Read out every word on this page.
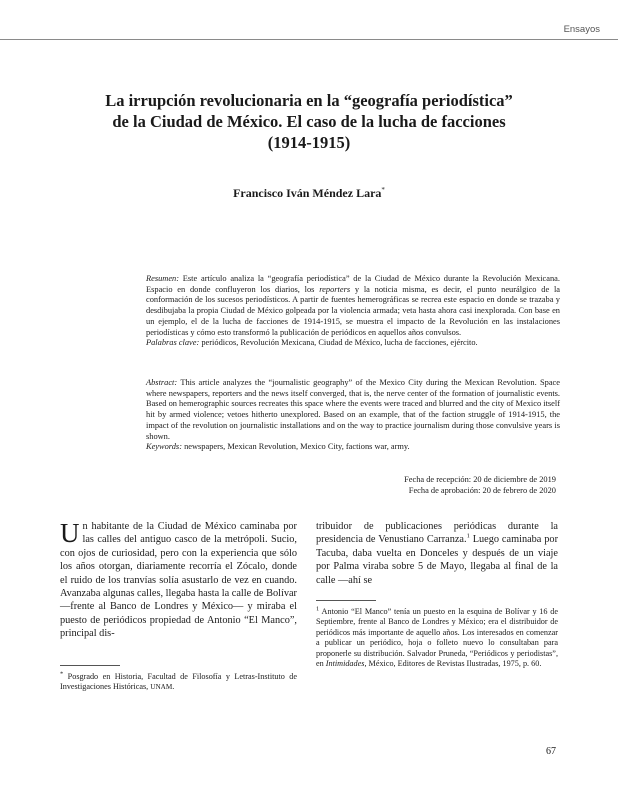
Ensayos
La irrupción revolucionaria en la “geografía periodística”
de la Ciudad de México. El caso de la lucha de facciones
(1914-1915)
Francisco Iván Méndez Lara*

Resumen: Este artículo analiza la “geografía periodística” de la Ciudad de México durante la Revolución Mexicana. Espacio en donde confluyeron los diarios, los reporters y la noticia misma, es decir, el punto neurálgico de la conformación de los sucesos periodísticos. A partir de fuentes hemerográficas se recrea este espacio en donde se trazaba y desdibujaba la propia Ciudad de México golpeada por la violencia armada; veta hasta ahora casi inexplorada. Con base en un ejemplo, el de la lucha de facciones de 1914-1915, se muestra el impacto de la Revolución en las instalaciones periodísticas y cómo esto transformó la publicación de periódicos en aquellos años convulsos.
Palabras clave: periódicos, Revolución Mexicana, Ciudad de México, lucha de facciones, ejército.

Abstract: This article analyzes the “journalistic geography” of the Mexico City during the Mexican Revolution. Space where newspapers, reporters and the news itself converged, that is, the nerve center of the formation of journalistic events. Based on hemerographic sources recreates this space where the events were traced and blurred and the city of Mexico itself hit by armed violence; vetoes hitherto unexplored. Based on an example, that of the faction struggle of 1914-1915, the impact of the revolution on journalistic installations and on the way to practice journalism during those convulsive years is shown.
Keywords: newspapers, Mexican Revolution, Mexico City, factions war, army.

Fecha de recepción: 20 de diciembre de 2019
Fecha de aprobación: 20 de febrero de 2020

Un habitante de la Ciudad de México caminaba por las calles del antiguo casco de la metrópoli. Sucio, con ojos de curiosidad, pero con la experiencia que sólo los años otorgan, diariamente recorría el Zócalo, donde el ruido de los tranvías solía asustarlo de vez en cuando. Avanzaba algunas calles, llegaba hasta la calle de Bolívar —frente al Banco de Londres y México— y miraba el puesto de periódicos propiedad de Antonio “El Manco”, principal dis-

tribuidor de publicaciones periódicas durante la presidencia de Venustiano Carranza.$^1$ Luego caminaba por Tacuba, daba vuelta en Donceles y después de un viaje por Palma viraba sobre 5 de Mayo, llegaba al final de la calle —ahí se

* Posgrado en Historia, Facultad de Filosofía y Letras-Instituto de Investigaciones Históricas, UNAM.

$^1$ Antonio “El Manco” tenía un puesto en la esquina de Bolívar y 16 de Septiembre, frente al Banco de Londres y México; era el distribuidor de periódicos más importante de aquello años. Los interesados en comenzar a publicar un periódico, hoja o folleto nuevo lo consultaban para proponerle su distribución. Salvador Pruneda, “Periódicos y periodistas”, en Intimidades, México, Editores de Revistas Ilustradas, 1975, p. 60.

67
